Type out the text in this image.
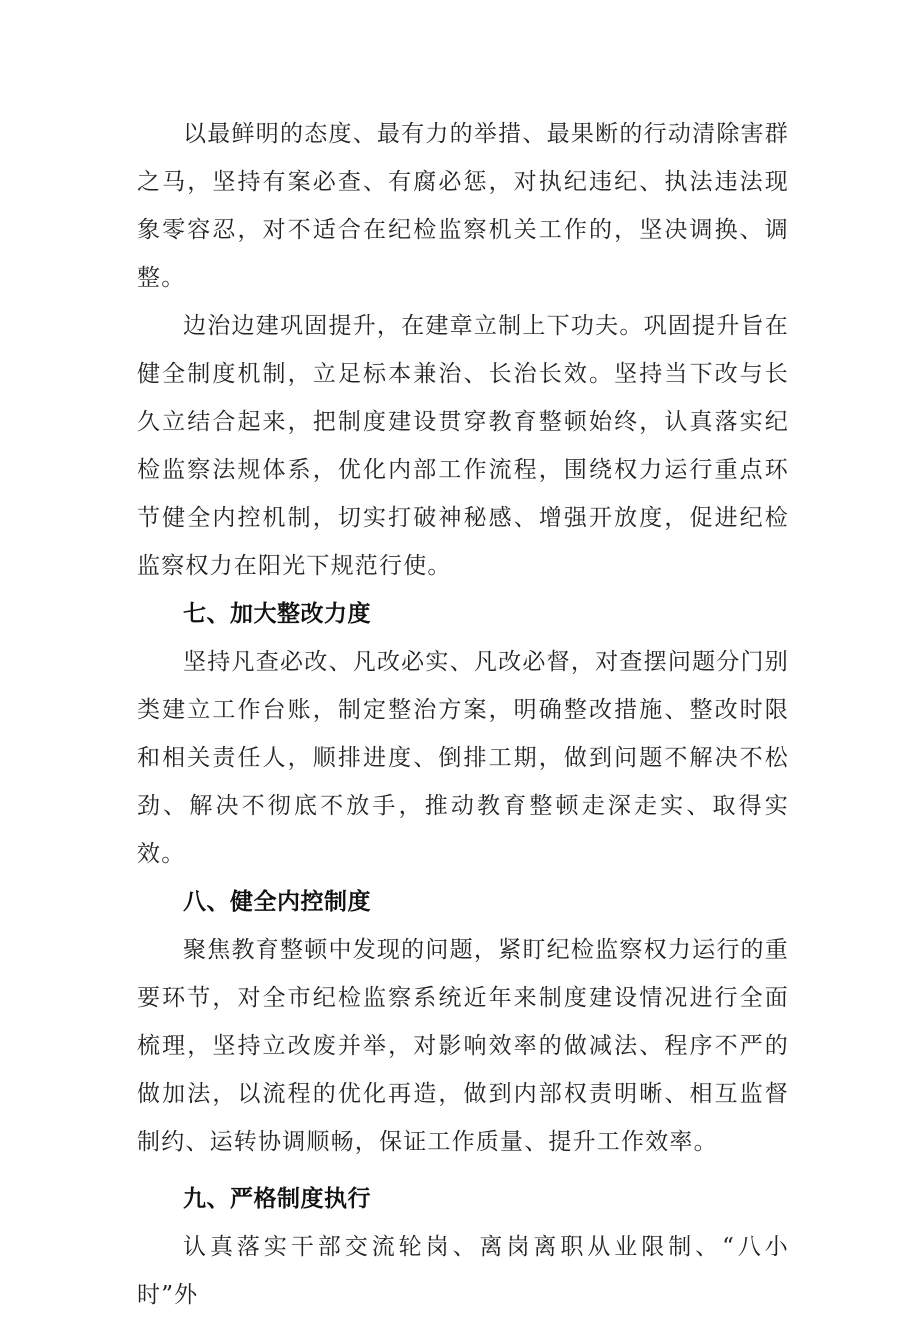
以最鲜明的态度、最有力的举措、最果断的行动清除害群之马，坚持有案必查、有腐必惩，对执纪违纪、执法违法现象零容忍，对不适合在纪检监察机关工作的，坚决调换、调整。

边治边建巩固提升，在建章立制上下功夫。巩固提升旨在健全制度机制，立足标本兼治、长治长效。坚持当下改与长久立结合起来，把制度建设贯穿教育整顿始终，认真落实纪检监察法规体系，优化内部工作流程，围绕权力运行重点环节健全内控机制，切实打破神秘感、增强开放度，促进纪检监察权力在阳光下规范行使。

七、加大整改力度

坚持凡查必改、凡改必实、凡改必督，对查摆问题分门别类建立工作台账，制定整治方案，明确整改措施、整改时限和相关责任人，顺排进度、倒排工期，做到问题不解决不松劲、解决不彻底不放手，推动教育整顿走深走实、取得实效。

八、健全内控制度

聚焦教育整顿中发现的问题，紧盯纪检监察权力运行的重要环节，对全市纪检监察系统近年来制度建设情况进行全面梳理，坚持立改废并举，对影响效率的做减法、程序不严的做加法，以流程的优化再造，做到内部权责明晰、相互监督制约、运转协调顺畅，保证工作质量、提升工作效率。

九、严格制度执行

认真落实干部交流轮岗、离岗离职从业限制、“八小时”外
